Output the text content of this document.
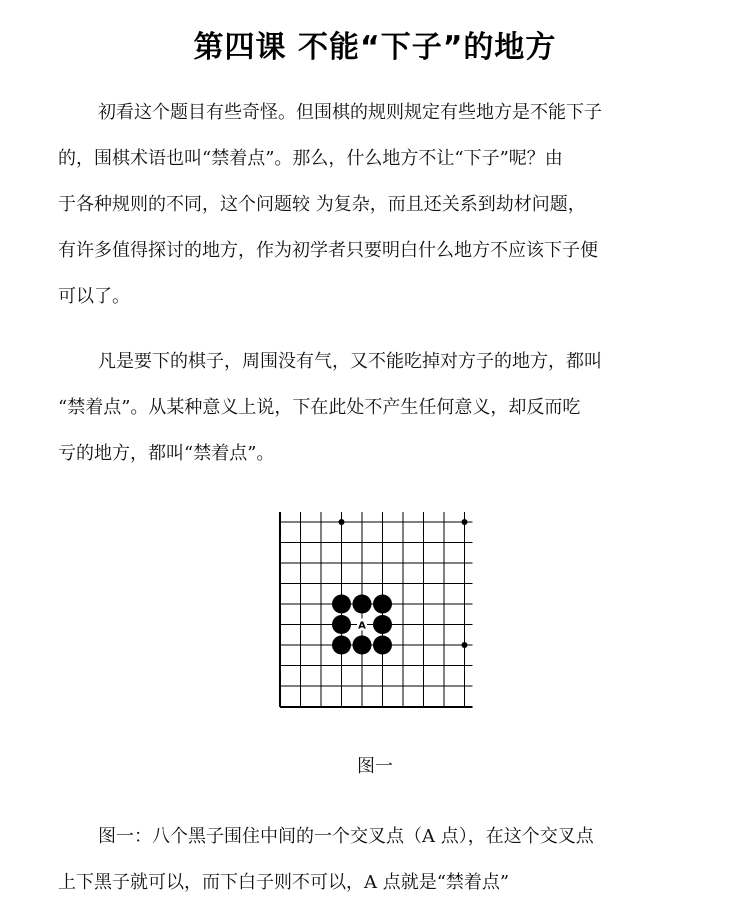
第四课 不能“下子”的地方

初看这个题目有些奇怪。但围棋的规则规定有些地方是不能下子
的，围棋术语也叫“禁着点”。那么，什么地方不让“下子”呢？由
于各种规则的不同，这个问题较 为复杂，而且还关系到劫材问题，
有许多值得探讨的地方，作为初学者只要明白什么地方不应该下子便
可以了。

凡是要下的棋子，周围没有气，又不能吃掉对方子的地方，都叫
“禁着点”。从某种意义上说，下在此处不产生任何意义，却反而吃
亏的地方，都叫“禁着点”。

A
图一

图一：八个黑子围住中间的一个交叉点（A 点），在这个交叉点
上下黑子就可以，而下白子则不可以，A 点就是“禁着点”
